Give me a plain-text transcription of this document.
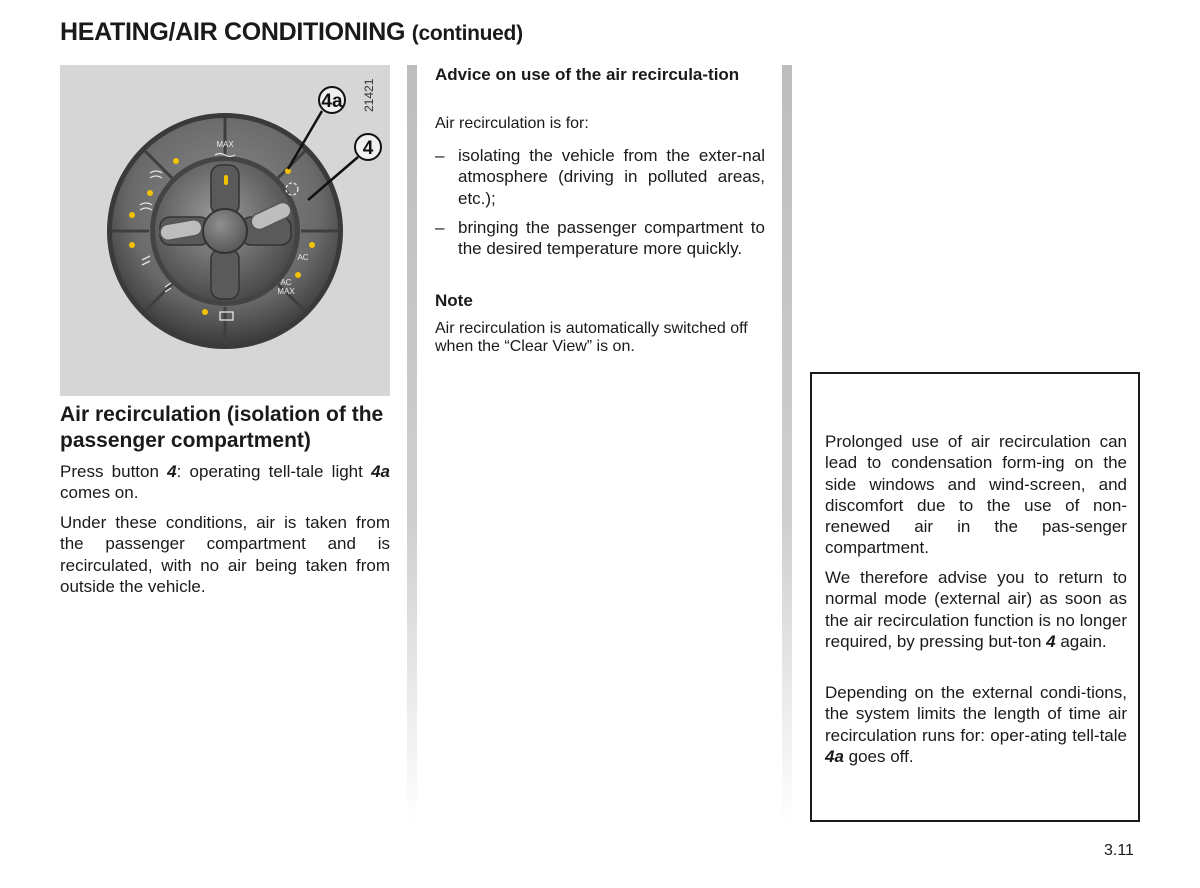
HEATING/AIR CONDITIONING (continued)
MAX
AC
AC
MAX
4a
4
21421
Air recirculation (isolation of the passenger compartment)
Press button 4: operating tell-tale light 4a comes on.
Under these conditions, air is taken from the passenger compartment and is recirculated, with no air being taken from outside the vehicle.
Advice on use of the air recircula-tion
Air recirculation is for:
– isolating the vehicle from the exter-nal atmosphere (driving in polluted areas, etc.);
– bringing the passenger compartment to the desired temperature more quickly.
Note
Air recirculation is automatically switched off when the “Clear View” is on.
Prolonged use of air recirculation can lead to condensation form-ing on the side windows and wind-screen, and discomfort due to the use of non-renewed air in the pas-senger compartment.
We therefore advise you to return to normal mode (external air) as soon as the air recirculation function is no longer required, by pressing but-ton 4 again.
Depending on the external condi-tions, the system limits the length of time air recirculation runs for: oper-ating tell-tale 4a goes off.
3.11
